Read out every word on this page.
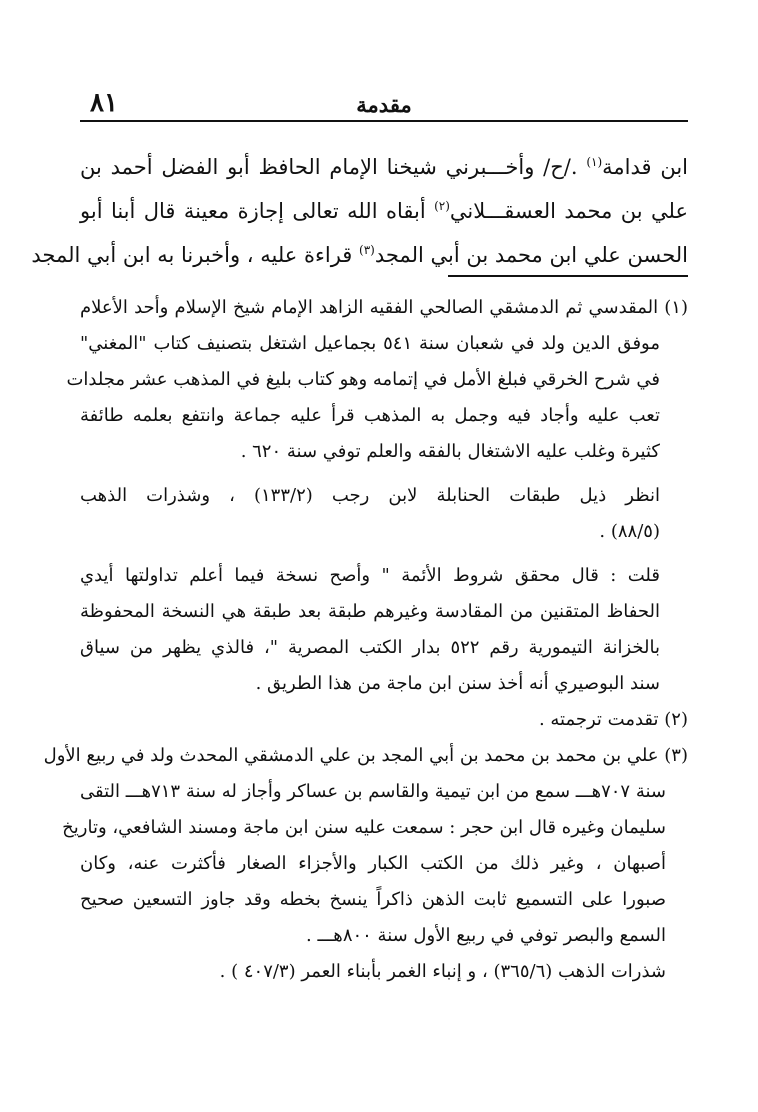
٨١	مقدمة
ابن قدامة$^{(١)}$ ./ح/ وأخـــبرني شيخنا الإمام الحافظ أبو الفضل أحمد بن
علي بن محمد العسقـــلاني$^{(٢)}$ أبقاه الله تعالى إجازة معينة قال أبنا أبو
الحسن علي ابن محمد بن أبي المجد$^{(٣)}$ قراءة عليه ، وأخبرنا به ابن أبي المجد
(١) المقدسي ثم الدمشقي الصالحي الفقيه الزاهد الإمام شيخ الإسلام وأحد الأعلام
موفق الدين ولد في شعبان سنة ٥٤١ بجماعيل اشتغل بتصنيف كتاب "المغني"
في شرح الخرقي فبلغ الأمل في إتمامه وهو كتاب بليغ في المذهب عشر مجلدات
تعب عليه وأجاد فيه وجمل به المذهب قرأ عليه جماعة وانتفع بعلمه طائفة
كثيرة وغلب عليه الاشتغال بالفقه والعلم توفي سنة ٦٢٠ .
انظر ذيل طبقات الحنابلة لابن رجب (١٣٣/٢) ، وشذرات الذهب
(٨٨/٥) .
قلت : قال محقق شروط الأئمة " وأصح نسخة فيما أعلم تداولتها أيدي
الحفاظ المتقنين من المقادسة وغيرهم طبقة بعد طبقة هي النسخة المحفوظة
بالخزانة التيمورية رقم ٥٢٢ بدار الكتب المصرية "، فالذي يظهر من سياق
سند البوصيري أنه أخذ سنن ابن ماجة من هذا الطريق .
(٢) تقدمت ترجمته .
(٣) علي بن محمد بن محمد بن أبي المجد بن علي الدمشقي المحدث ولد في ربيع الأول
سنة ٧٠٧هـــ سمع من ابن تيمية والقاسم بن عساكر وأجاز له سنة ٧١٣هـــ التقى
سليمان وغيره قال ابن حجر : سمعت عليه سنن ابن ماجة ومسند الشافعي، وتاريخ
أصبهان ، وغير ذلك من الكتب الكبار والأجزاء الصغار فأكثرت عنه، وكان
صبورا على التسميع ثابت الذهن ذاكراً ينسخ بخطه وقد جاوز التسعين صحيح
السمع والبصر توفي في ربيع الأول سنة ٨٠٠هـــ .
شذرات الذهب (٣٦٥/٦) ، و إنباء الغمر بأبناء العمر (٤٠٧/٣ ) .
